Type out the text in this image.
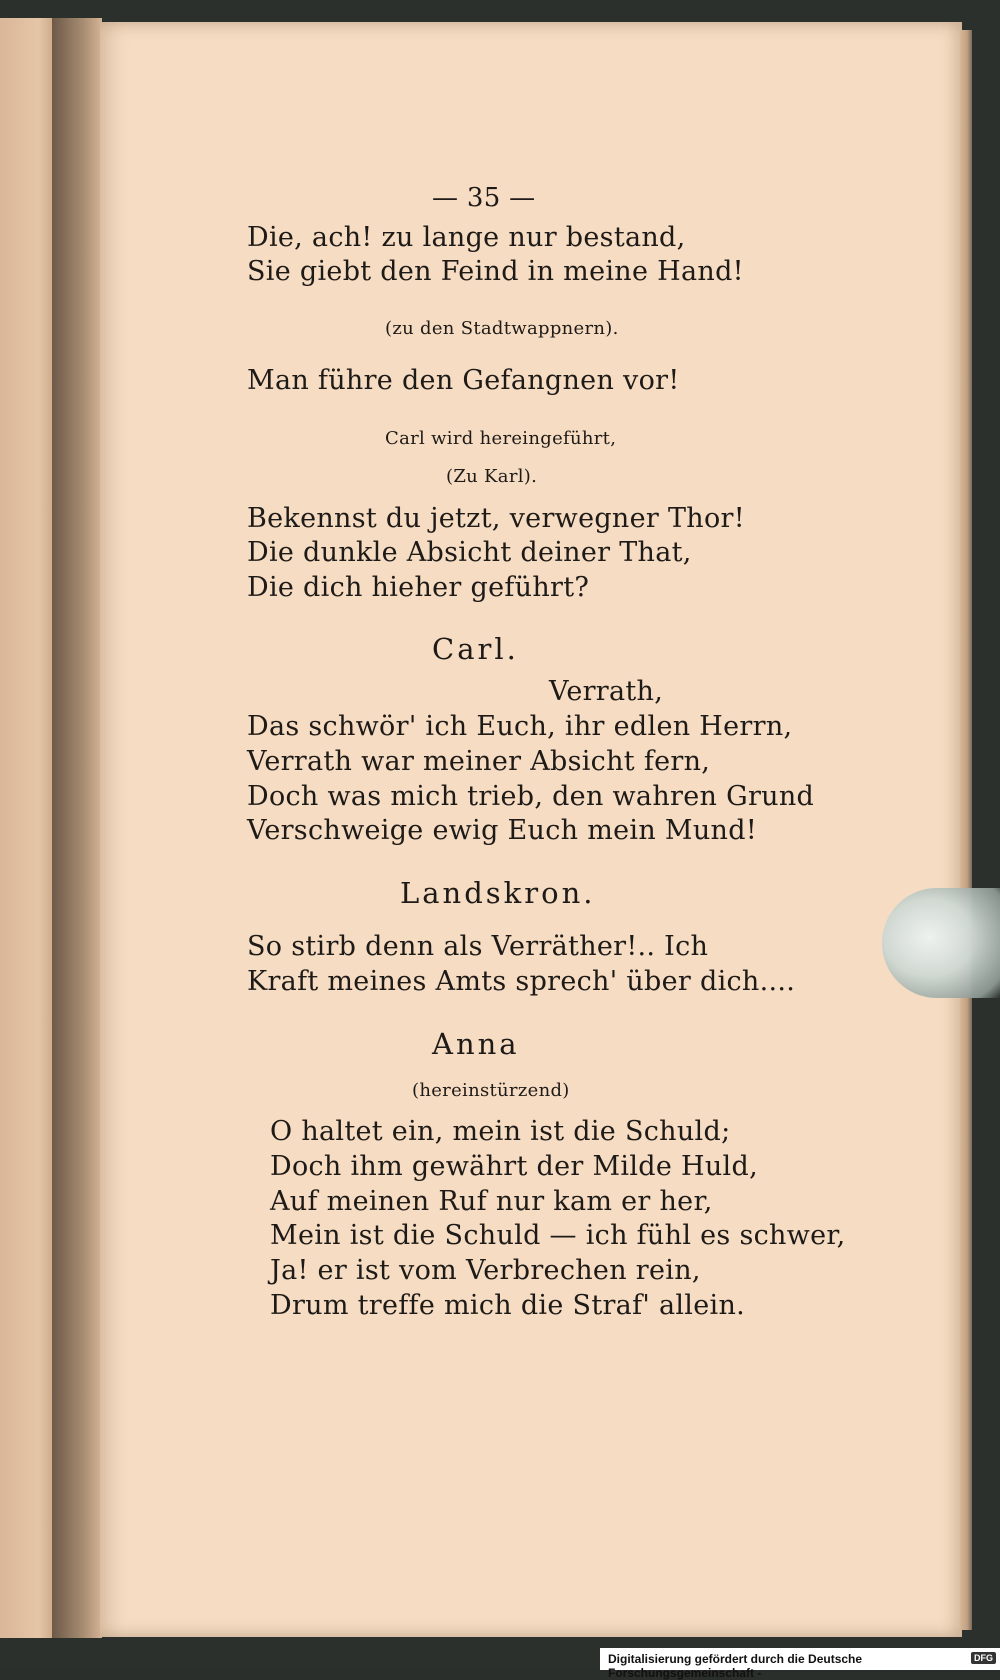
— 35 —
Die, ach! zu lange nur bestand,
Sie giebt den Feind in meine Hand!
(zu den Stadtwappnern).
Man führe den Gefangnen vor!
Carl wird hereingeführt,
(Zu Karl).
Bekennst du jetzt, verwegner Thor!
Die dunkle Absicht deiner That,
Die dich hieher geführt?
Carl.
Verrath,
Das schwör' ich Euch, ihr edlen Herrn,
Verrath war meiner Absicht fern,
Doch was mich trieb, den wahren Grund
Verschweige ewig Euch mein Mund!
Landskron.
So stirb denn als Verräther!.. Ich
Kraft meines Amts sprech' über dich....
Anna
(hereinstürzend)
O haltet ein, mein ist die Schuld;
Doch ihm gewährt der Milde Huld,
Auf meinen Ruf nur kam er her,
Mein ist die Schuld — ich fühl es schwer,
Ja! er ist vom Verbrechen rein,
Drum treffe mich die Straf' allein.
Digitalisierung gefördert durch die Deutsche Forschungsgemeinschaft -
DFG
